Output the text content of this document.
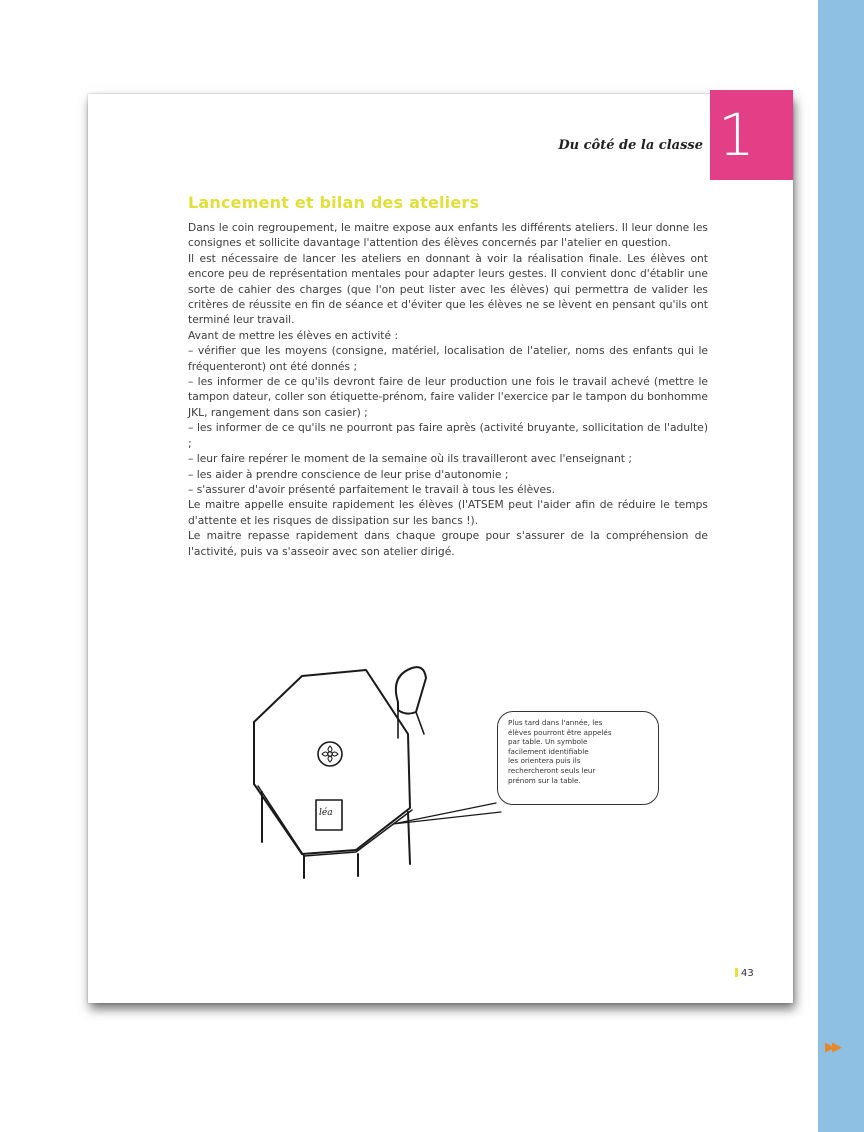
▶▶
1
Du côté de la classe
Lancement et bilan des ateliers

Dans le coin regroupement, le maitre expose aux enfants les différents ateliers. Il leur donne les consignes et sollicite davantage l'attention des élèves concernés par l'atelier en question.

Il est nécessaire de lancer les ateliers en donnant à voir la réalisation finale. Les élèves ont encore peu de représentation mentales pour adapter leurs gestes. Il convient donc d'établir une sorte de cahier des charges (que l'on peut lister avec les élèves) qui permettra de valider les critères de réussite en fin de séance et d'éviter que les élèves ne se lèvent en pensant qu'ils ont terminé leur travail.

Avant de mettre les élèves en activité :

– vérifier que les moyens (consigne, matériel, localisation de l'atelier, noms des enfants qui le fréquenteront) ont été donnés ;

– les informer de ce qu'ils devront faire de leur production une fois le travail achevé (mettre le tampon dateur, coller son étiquette-prénom, faire valider l'exercice par le tampon du bonhomme JKL, rangement dans son casier) ;

– les informer de ce qu'ils ne pourront pas faire après (activité bruyante, sollicitation de l'adulte) ;

– leur faire repérer le moment de la semaine où ils travailleront avec l'enseignant ;

– les aider à prendre conscience de leur prise d'autonomie ;

– s'assurer d'avoir présenté parfaitement le travail à tous les élèves.

Le maitre appelle ensuite rapidement les élèves (l'ATSEM peut l'aider afin de réduire le temps d'attente et les risques de dissipation sur les bancs !).

Le maitre repasse rapidement dans chaque groupe pour s'assurer de la compréhension de l'activité, puis va s'asseoir avec son atelier dirigé.

léa
Plus tard dans l'année, les
élèves pourront être appelés
par table. Un symbole
facilement identifiable
les orientera puis ils
rechercheront seuls leur
prénom sur la table.
43
